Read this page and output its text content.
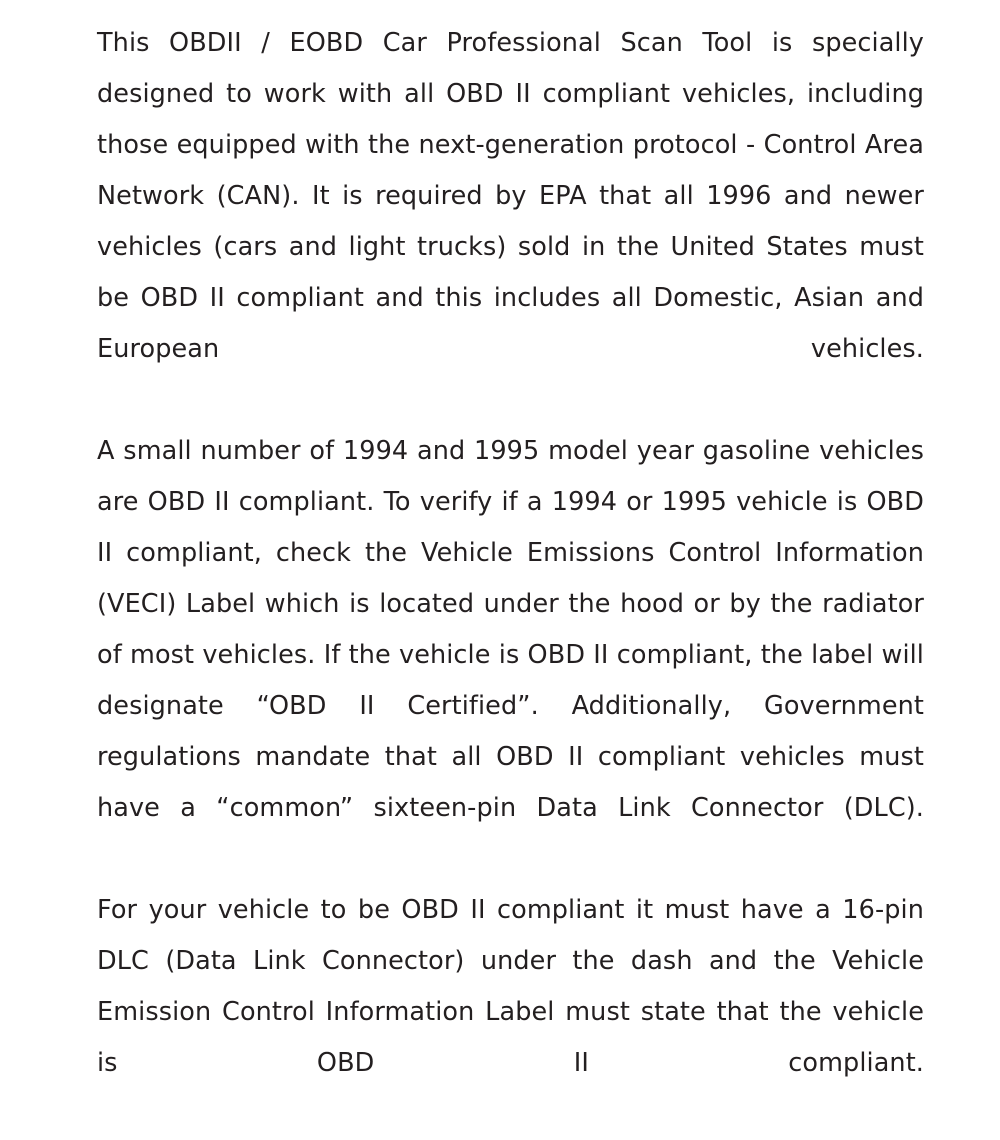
This OBDII / EOBD Car Professional Scan Tool is specially designed to work with all OBD II compliant vehicles, including those equipped with the next-generation protocol - Control Area Network (CAN). It is required by EPA that all 1996 and newer vehicles (cars and light trucks) sold in the United States must be OBD II compliant and this includes all Domestic, Asian and European vehicles.

A small number of 1994 and 1995 model year gasoline vehicles are OBD II compliant. To verify if a 1994 or 1995 vehicle is OBD II compliant, check the Vehicle Emissions Control Information (VECI) Label which is located under the hood or by the radiator of most vehicles. If the vehicle is OBD II compliant, the label will designate “OBD II Certified”. Additionally, Government regulations mandate that all OBD II compliant vehicles must have a “common” sixteen-pin Data Link Connector (DLC).

For your vehicle to be OBD II compliant it must have a 16-pin DLC (Data Link Connector) under the dash and the Vehicle Emission Control Information Label must state that the vehicle is OBD II compliant.
